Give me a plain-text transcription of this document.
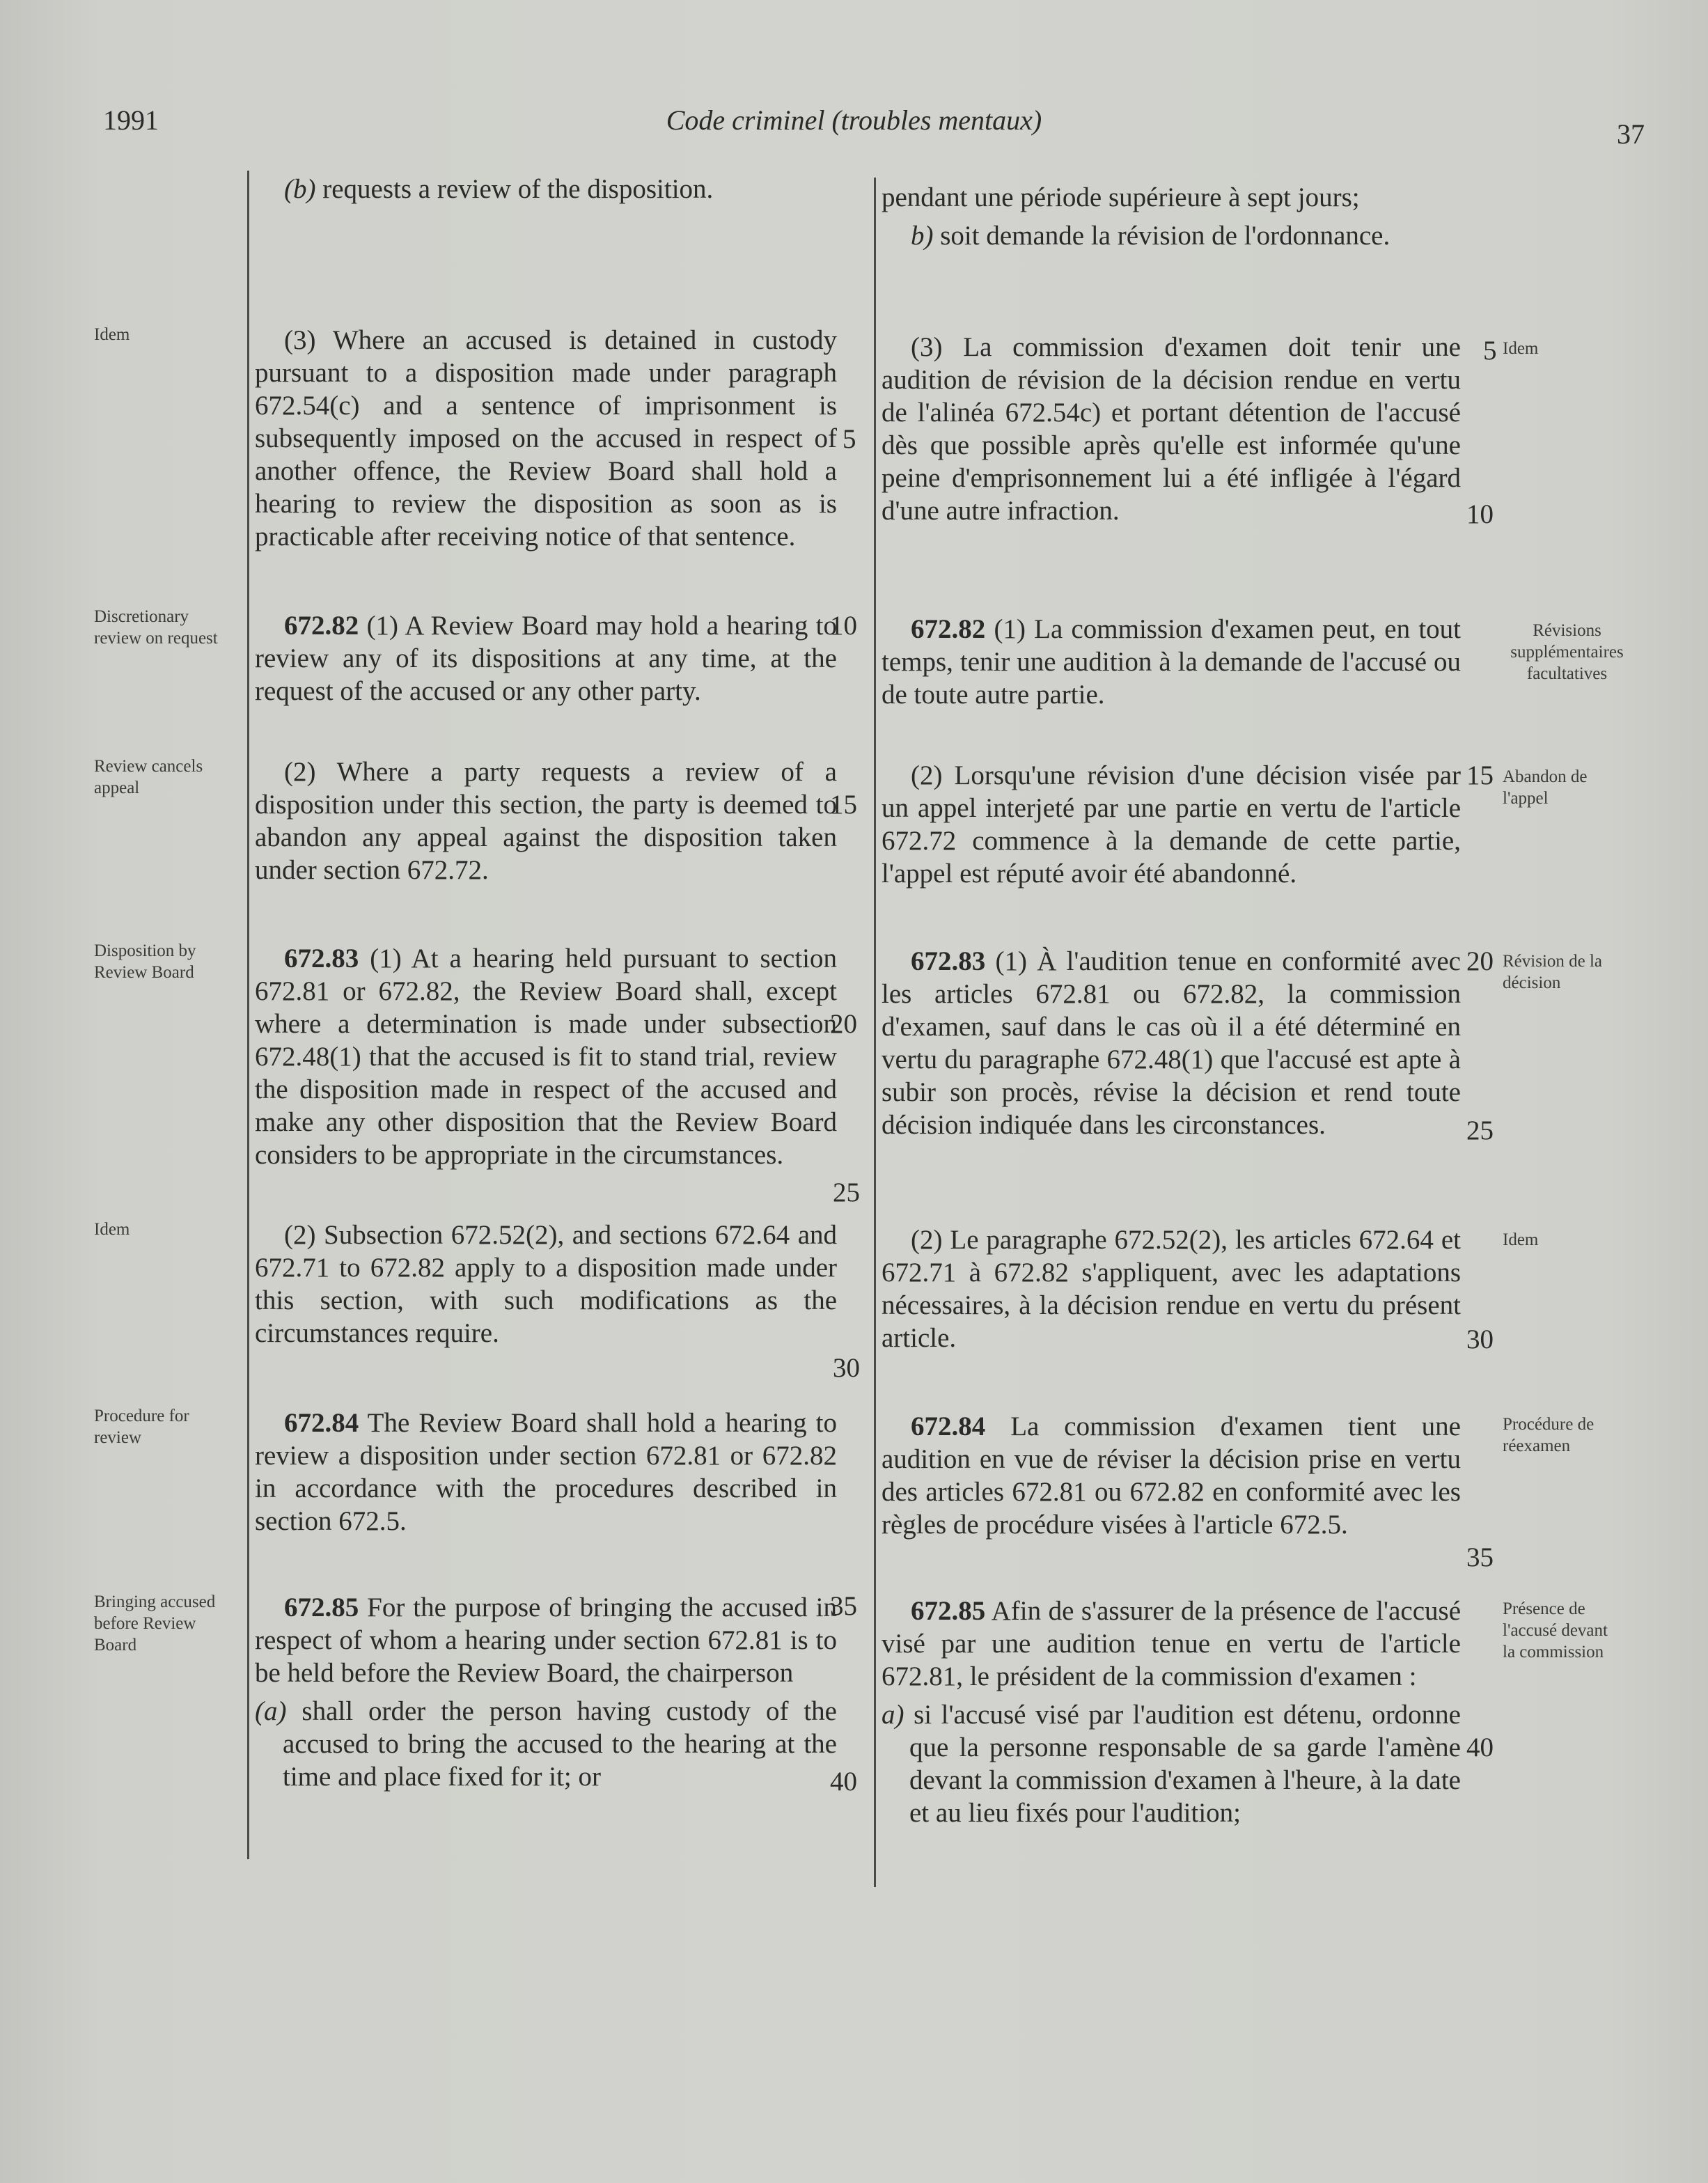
1991	Code criminel (troubles mentaux)	37
Idem
Discretionary review on request
Review cancels appeal
Disposition by Review Board
Idem
Procedure for review
Bringing accused before Review Board
Idem
Révisions supplémentaires facultatives
Abandon de l'appel
Révision de la décision
Idem
Procédure de réexamen
Présence de l'accusé devant la commission

(b) requests a review of the disposition.

(3) Where an accused is detained in custody pursuant to a disposition made under paragraph 672.54(c) and a sentence of imprisonment is subsequently imposed on the accused in respect of another offence, the Review Board shall hold a hearing to review the disposition as soon as is practicable after receiving notice of that sentence.

672.82 (1) A Review Board may hold a hearing to review any of its dispositions at any time, at the request of the accused or any other party.

(2) Where a party requests a review of a disposition under this section, the party is deemed to abandon any appeal against the disposition taken under section 672.72.

672.83 (1) At a hearing held pursuant to section 672.81 or 672.82, the Review Board shall, except where a determination is made under subsection 672.48(1) that the accused is fit to stand trial, review the disposition made in respect of the accused and make any other disposition that the Review Board considers to be appropriate in the circumstances.

(2) Subsection 672.52(2), and sections 672.64 and 672.71 to 672.82 apply to a disposition made under this section, with such modifications as the circumstances require.

672.84 The Review Board shall hold a hearing to review a disposition under section 672.81 or 672.82 in accordance with the procedures described in section 672.5.

672.85 For the purpose of bringing the accused in respect of whom a hearing under section 672.81 is to be held before the Review Board, the chairperson

(a) shall order the person having custody of the accused to bring the accused to the hearing at the time and place fixed for it; or

pendant une période supérieure à sept jours;

b) soit demande la révision de l'ordonnance.

(3) La commission d'examen doit tenir une audition de révision de la décision rendue en vertu de l'alinéa 672.54c) et portant détention de l'accusé dès que possible après qu'elle est informée qu'une peine d'emprisonnement lui a été infligée à l'égard d'une autre infraction.

672.82 (1) La commission d'examen peut, en tout temps, tenir une audition à la demande de l'accusé ou de toute autre partie.

(2) Lorsqu'une révision d'une décision visée par un appel interjeté par une partie en vertu de l'article 672.72 commence à la demande de cette partie, l'appel est réputé avoir été abandonné.

672.83 (1) À l'audition tenue en conformité avec les articles 672.81 ou 672.82, la commission d'examen, sauf dans le cas où il a été déterminé en vertu du paragraphe 672.48(1) que l'accusé est apte à subir son procès, révise la décision et rend toute décision indiquée dans les circonstances.

(2) Le paragraphe 672.52(2), les articles 672.64 et 672.71 à 672.82 s'appliquent, avec les adaptations nécessaires, à la décision rendue en vertu du présent article.

672.84 La commission d'examen tient une audition en vue de réviser la décision prise en vertu des articles 672.81 ou 672.82 en conformité avec les règles de procédure visées à l'article 672.5.

672.85 Afin de s'assurer de la présence de l'accusé visé par une audition tenue en vertu de l'article 672.81, le président de la commission d'examen :

a) si l'accusé visé par l'audition est détenu, ordonne que la personne responsable de sa garde l'amène devant la commission d'examen à l'heure, à la date et au lieu fixés pour l'audition;

5
10
15
20
25
30
35
40
5
10
15
20
25
30
35
40
